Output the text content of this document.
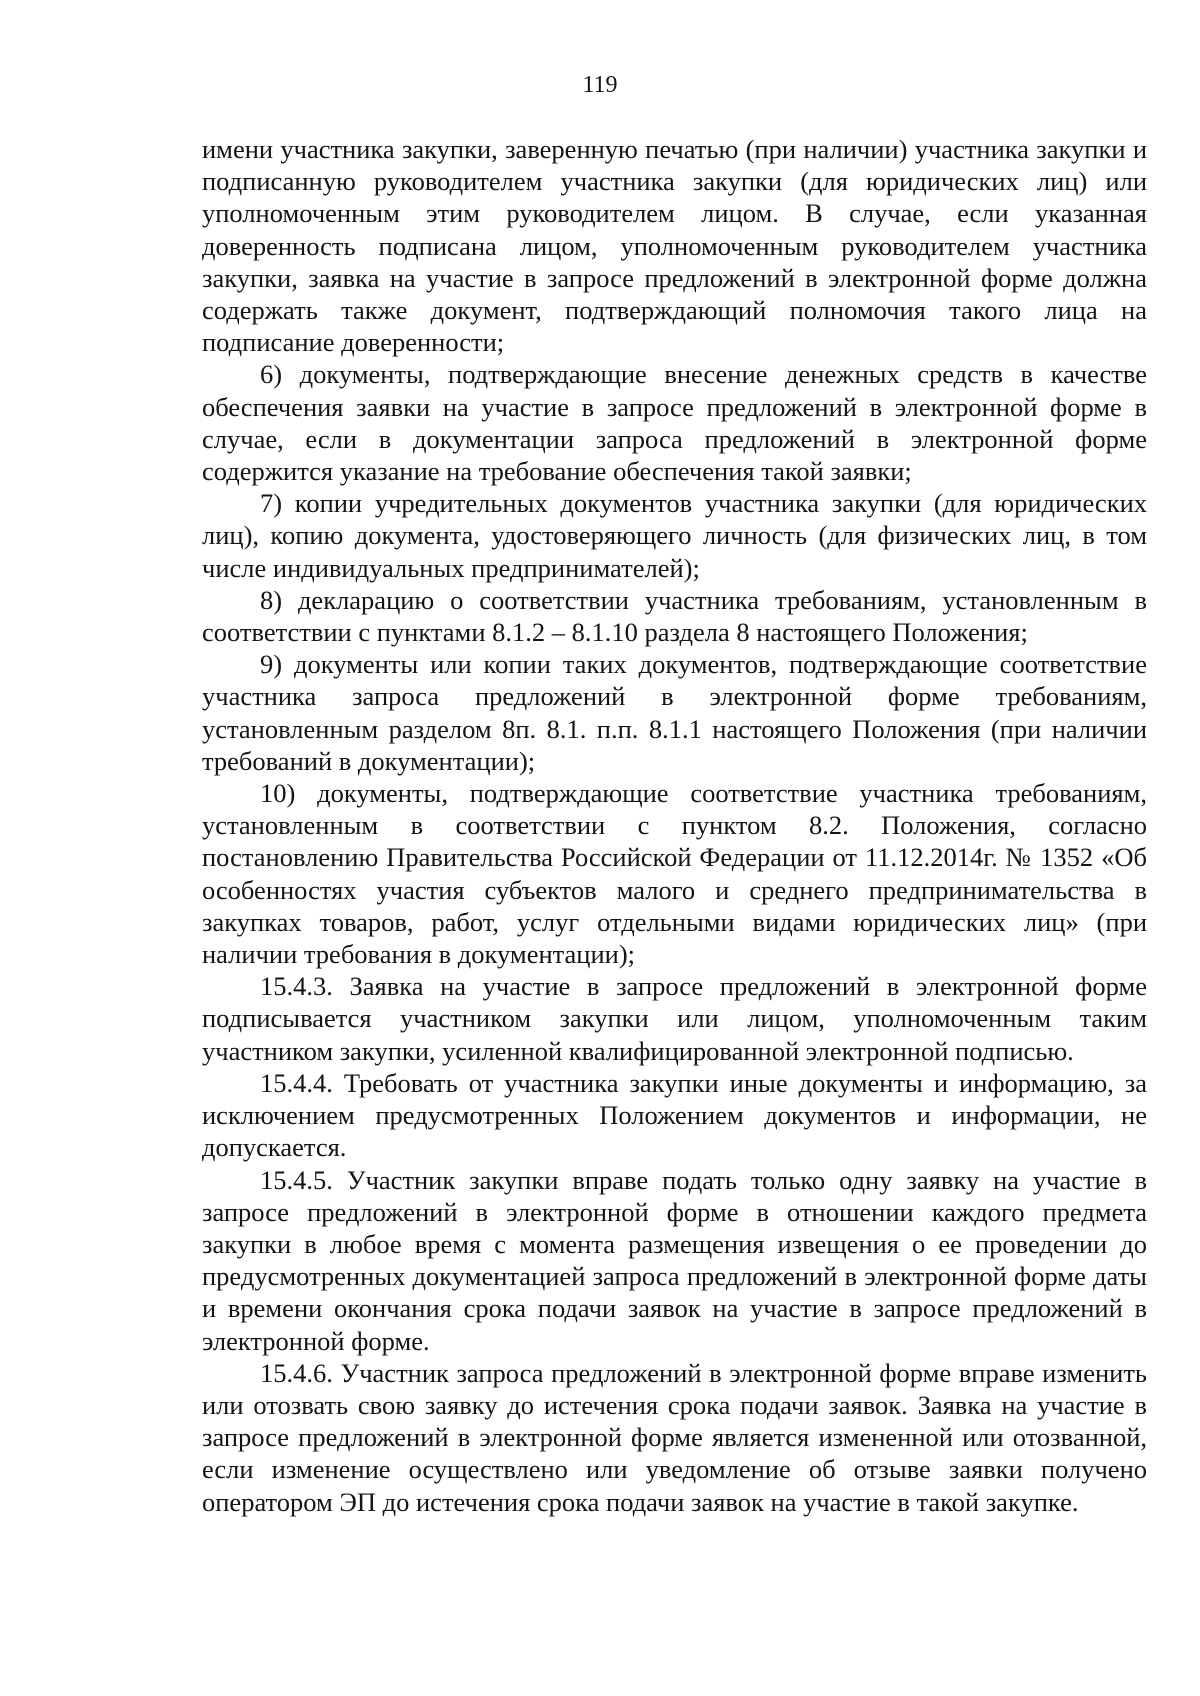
119

имени участника закупки, заверенную печатью (при наличии) участника закупки и подписанную руководителем участника закупки (для юридических лиц) или уполномоченным этим руководителем лицом. В случае, если указанная доверенность подписана лицом, уполномоченным руководителем участника закупки, заявка на участие в запросе предложений в электронной форме должна содержать также документ, подтверждающий полномочия такого лица на подписание доверенности;

6) документы, подтверждающие внесение денежных средств в качестве обеспечения заявки на участие в запросе предложений в электронной форме в случае, если в документации запроса предложений в электронной форме содержится указание на требование обеспечения такой заявки;

7) копии учредительных документов участника закупки (для юридических лиц), копию документа, удостоверяющего личность (для физических лиц, в том числе индивидуальных предпринимателей);

8) декларацию о соответствии участника требованиям, установленным в соответствии с пунктами 8.1.2 – 8.1.10 раздела 8 настоящего Положения;

9) документы или копии таких документов, подтверждающие соответствие участника запроса предложений в электронной форме требованиям, установленным разделом 8п. 8.1. п.п. 8.1.1 настоящего Положения (при наличии требований в документации);

10) документы, подтверждающие соответствие участника требованиям, установленным в соответствии с пунктом 8.2. Положения, согласно постановлению Правительства Российской Федерации от 11.12.2014г. № 1352 «Об особенностях участия субъектов малого и среднего предпринимательства в закупках товаров, работ, услуг отдельными видами юридических лиц» (при наличии требования в документации);

15.4.3. Заявка на участие в запросе предложений в электронной форме подписывается участником закупки или лицом, уполномоченным таким участником закупки, усиленной квалифицированной электронной подписью.

15.4.4. Требовать от участника закупки иные документы и информацию, за исключением предусмотренных Положением документов и информации, не допускается.

15.4.5. Участник закупки вправе подать только одну заявку на участие в запросе предложений в электронной форме в отношении каждого предмета закупки в любое время с момента размещения извещения о ее проведении до предусмотренных документацией запроса предложений в электронной форме даты и времени окончания срока подачи заявок на участие в запросе предложений в электронной форме.

15.4.6. Участник запроса предложений в электронной форме вправе изменить или отозвать свою заявку до истечения срока подачи заявок. Заявка на участие в запросе предложений в электронной форме является измененной или отозванной, если изменение осуществлено или уведомление об отзыве заявки получено оператором ЭП до истечения срока подачи заявок на участие в такой закупке.
